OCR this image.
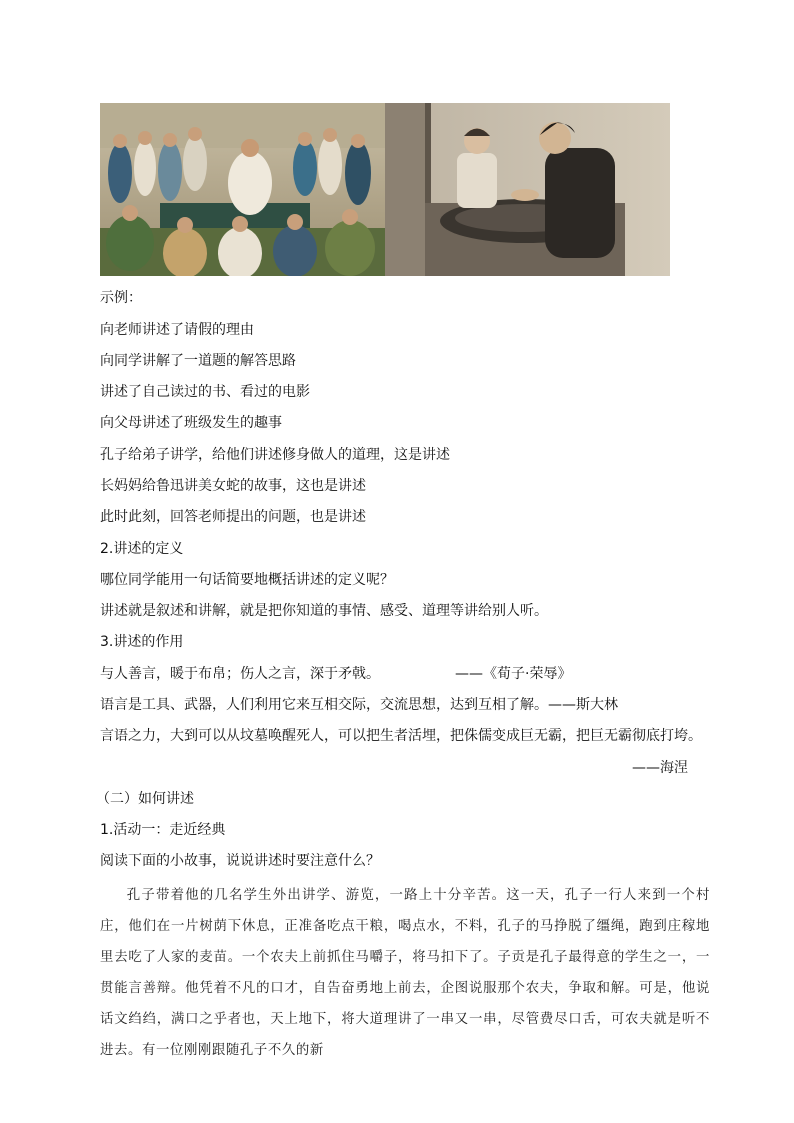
示例：
向老师讲述了请假的理由
向同学讲解了一道题的解答思路
讲述了自己读过的书、看过的电影
向父母讲述了班级发生的趣事
孔子给弟子讲学，给他们讲述修身做人的道理，这是讲述
长妈妈给鲁迅讲美女蛇的故事，这也是讲述
此时此刻，回答老师提出的问题，也是讲述
2.讲述的定义
哪位同学能用一句话简要地概括讲述的定义呢？
讲述就是叙述和讲解，就是把你知道的事情、感受、道理等讲给别人听。
3.讲述的作用
与人善言，暖于布帛；伤人之言，深于矛戟。	——《荀子·荣辱》
语言是工具、武器，人们利用它来互相交际，交流思想，达到互相了解。——斯大林
言语之力，大到可以从坟墓唤醒死人，可以把生者活埋，把侏儒变成巨无霸，把巨无霸彻底打垮。
——海涅
（二）如何讲述
1.活动一：走近经典
阅读下面的小故事，说说讲述时要注意什么？

孔子带着他的几名学生外出讲学、游览，一路上十分辛苦。这一天，孔子一行人来到一个村庄，他们在一片树荫下休息，正准备吃点干粮，喝点水，不料，孔子的马挣脱了缰绳，跑到庄稼地里去吃了人家的麦苗。一个农夫上前抓住马嚼子，将马扣下了。子贡是孔子最得意的学生之一，一贯能言善辩。他凭着不凡的口才，自告奋勇地上前去，企图说服那个农夫，争取和解。可是，他说话文绉绉，满口之乎者也，天上地下，将大道理讲了一串又一串，尽管费尽口舌，可农夫就是听不进去。有一位刚刚跟随孔子不久的新
